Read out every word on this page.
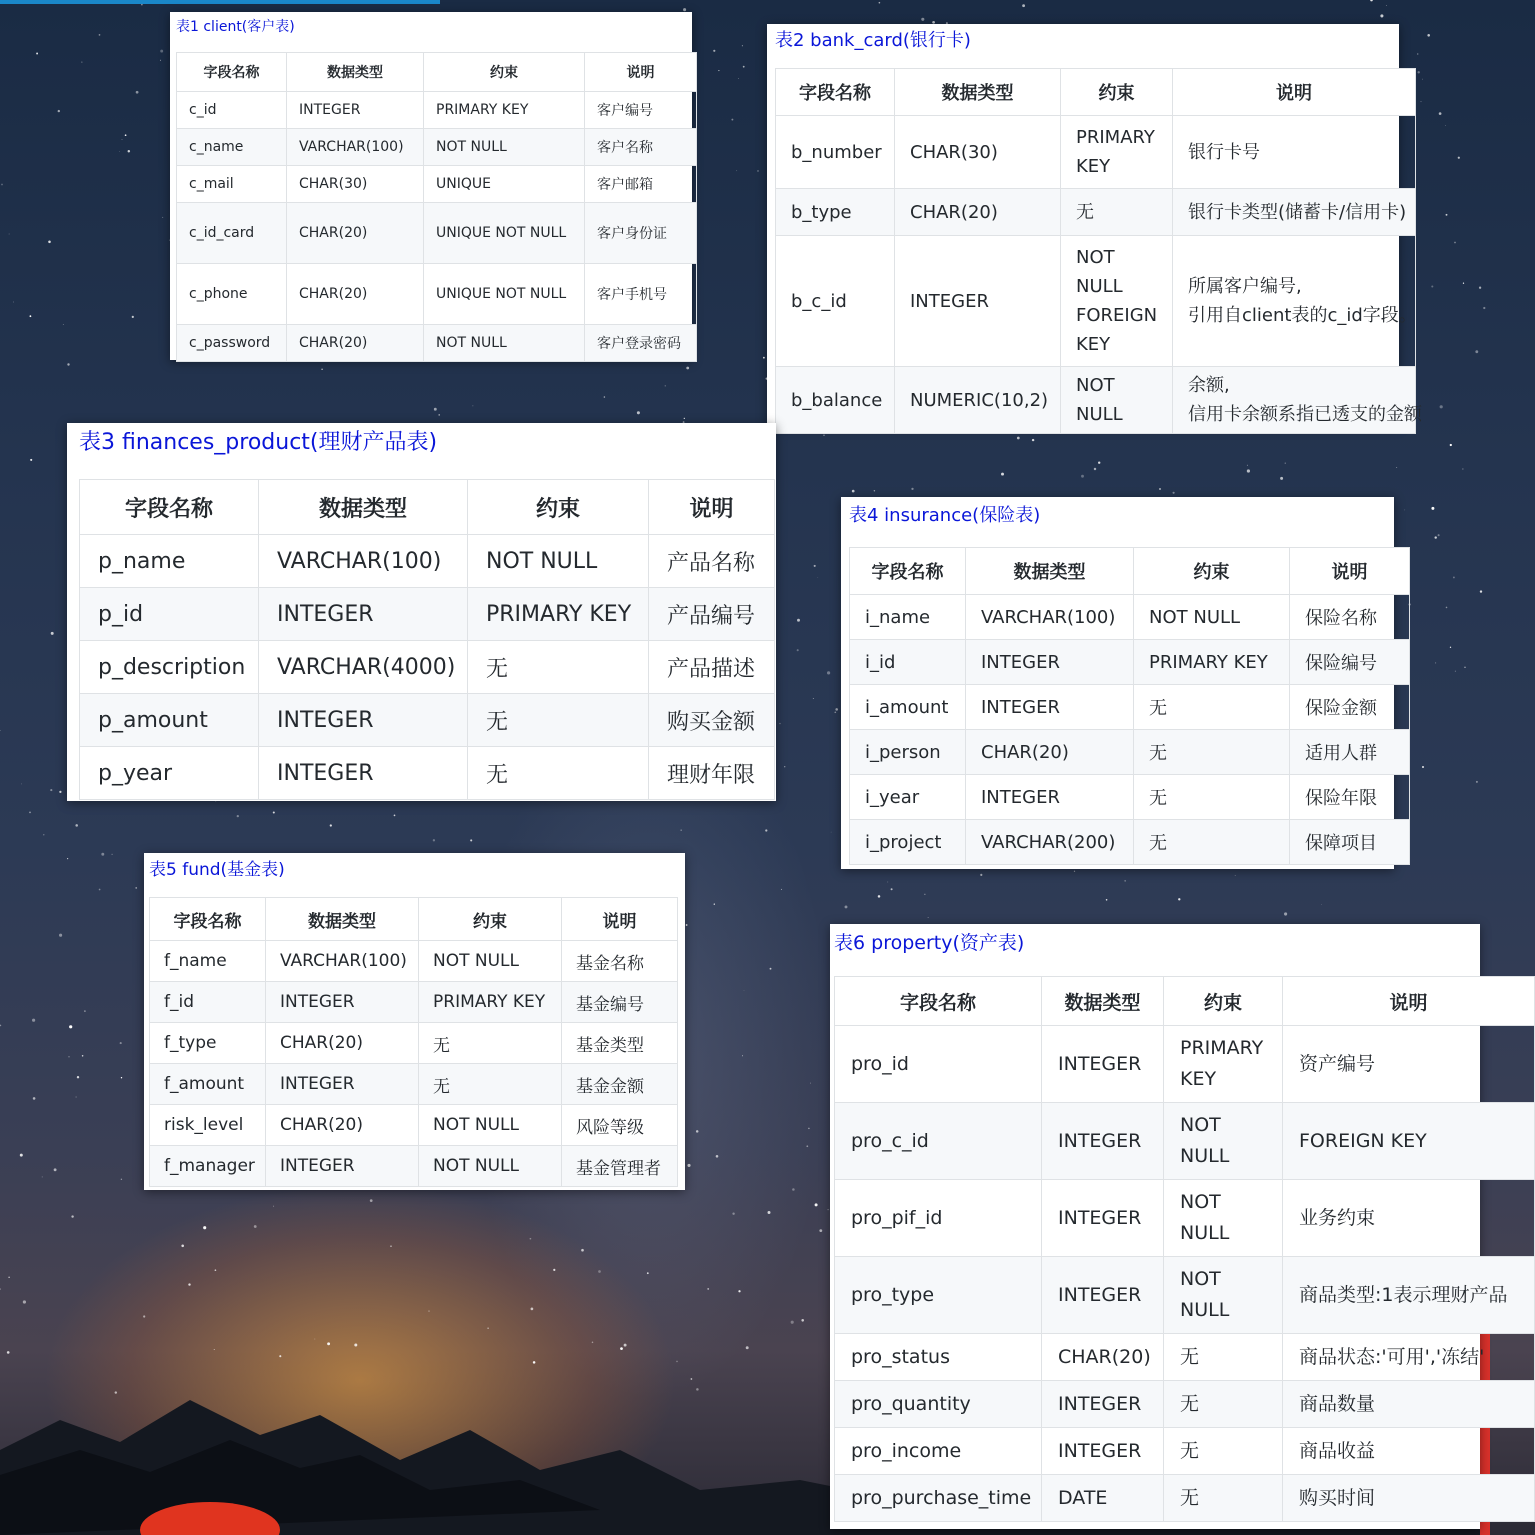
表1 client(客户表)
字段名称	数据类型	约束	说明
c_id	INTEGER	PRIMARY KEY	客户编号
c_name	VARCHAR(100)	NOT NULL	客户名称
c_mail	CHAR(30)	UNIQUE	客户邮箱
c_id_card	CHAR(20)	UNIQUE NOT NULL	客户身份证
c_phone	CHAR(20)	UNIQUE NOT NULL	客户手机号
c_password	CHAR(20)	NOT NULL	客户登录密码
表2 bank_card(银行卡)
字段名称	数据类型	约束	说明
b_number	CHAR(30)	PRIMARY KEY	银行卡号
b_type	CHAR(20)	无	银行卡类型(储蓄卡/信用卡)
b_c_id	INTEGER	NOT NULL FOREIGN KEY	所属客户编号,
引用自client表的c_id字段。
b_balance	NUMERIC(10,2)	NOT NULL	余额,
信用卡余额系指已透支的金额
表3 finances_product(理财产品表)
字段名称	数据类型	约束	说明
p_name	VARCHAR(100)	NOT NULL	产品名称
p_id	INTEGER	PRIMARY KEY	产品编号
p_description	VARCHAR(4000)	无	产品描述
p_amount	INTEGER	无	购买金额
p_year	INTEGER	无	理财年限
表4 insurance(保险表)
字段名称	数据类型	约束	说明
i_name	VARCHAR(100)	NOT NULL	保险名称
i_id	INTEGER	PRIMARY KEY	保险编号
i_amount	INTEGER	无	保险金额
i_person	CHAR(20)	无	适用人群
i_year	INTEGER	无	保险年限
i_project	VARCHAR(200)	无	保障项目
表5 fund(基金表)
字段名称	数据类型	约束	说明
f_name	VARCHAR(100)	NOT NULL	基金名称
f_id	INTEGER	PRIMARY KEY	基金编号
f_type	CHAR(20)	无	基金类型
f_amount	INTEGER	无	基金金额
risk_level	CHAR(20)	NOT NULL	风险等级
f_manager	INTEGER	NOT NULL	基金管理者
表6 property(资产表)
字段名称	数据类型	约束	说明
pro_id	INTEGER	PRIMARY KEY	资产编号
pro_c_id	INTEGER	NOT NULL	FOREIGN KEY
pro_pif_id	INTEGER	NOT NULL	业务约束
pro_type	INTEGER	NOT NULL	商品类型:1表示理财产品
pro_status	CHAR(20)	无	商品状态:'可用','冻结'
pro_quantity	INTEGER	无	商品数量
pro_income	INTEGER	无	商品收益
pro_purchase_time	DATE	无	购买时间
